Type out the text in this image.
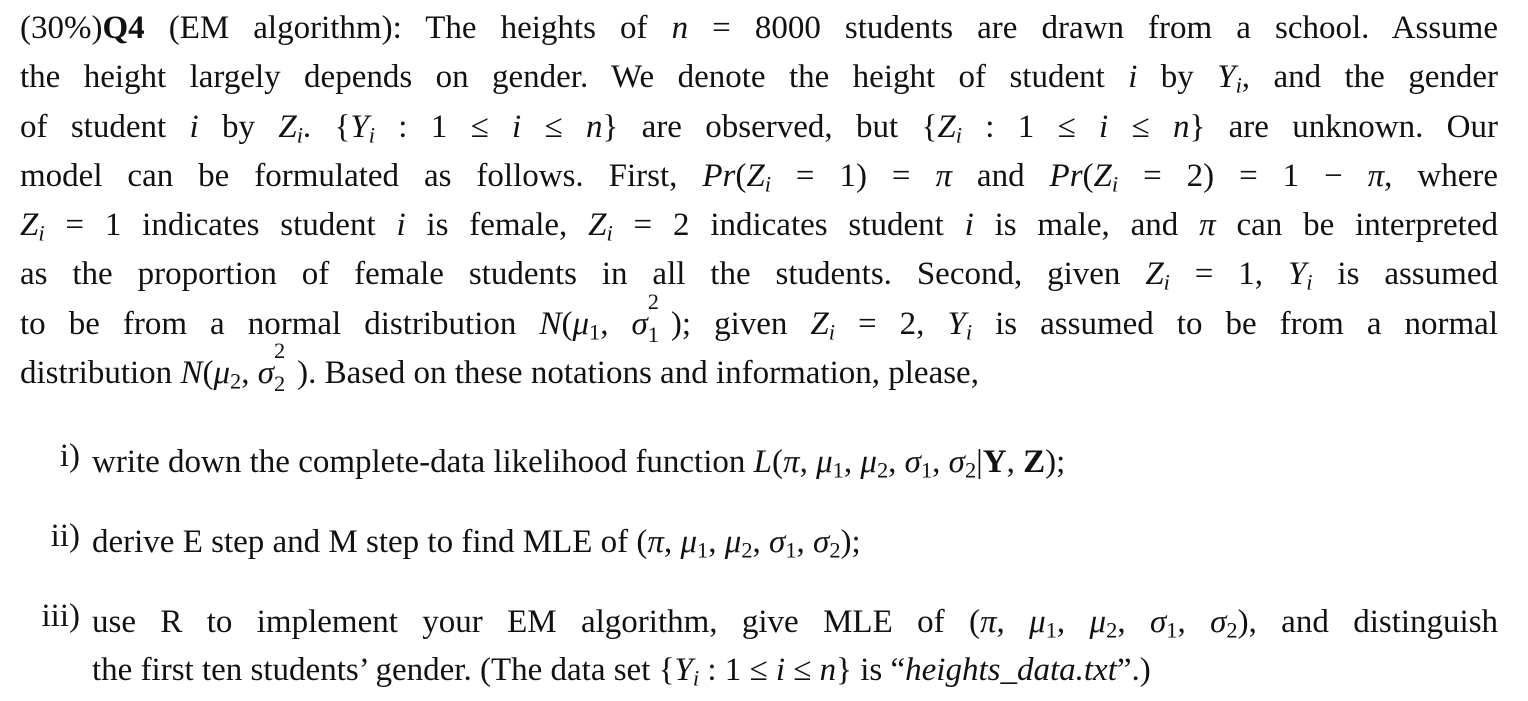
(30%)Q4 (EM algorithm): The heights of n = 8000 students are drawn from a school. Assume
the height largely depends on gender. We denote the height of student i by $Y_i$, and the gender
of student i by $Z_i$. {$Y_i$ : 1 ≤ i ≤ n} are observed, but {$Z_i$ : 1 ≤ i ≤ n} are unknown. Our
model can be formulated as follows. First, $Pr(Z_i = 1) = \pi$ and $Pr(Z_i = 2) = 1 - \pi$, where
$Z_i = 1$ indicates student i is female, $Z_i = 2$ indicates student i is male, and π can be interpreted
as the proportion of female students in all the students. Second, given $Z_i = 1$, $Y_i$ is assumed
to be from a normal distribution $N(\mu_1$, σ
2
1 ); given $Z_i = 2$, $Y_i$ is assumed to be from a normal
distribution $N(\mu_2$, σ
2
2 ). Based on these notations and information, please,
i) write down the complete-data likelihood function L(π, $\mu_1$, $\mu_2$, $\sigma_1$, $\sigma_2|Y$, Z);
ii) derive E step and M step to find MLE of (π, $\mu_1$, $\mu_2$, $\sigma_1$, $\sigma_2$);
iii) use R to implement your EM algorithm, give MLE of (π, $\mu_1$, $\mu_2$, $\sigma_1$, $\sigma_2$), and distinguish
the first ten students’ gender. (The data set {$Y_i$ : 1 ≤ i ≤ n} is “heights_data.txt”.)
